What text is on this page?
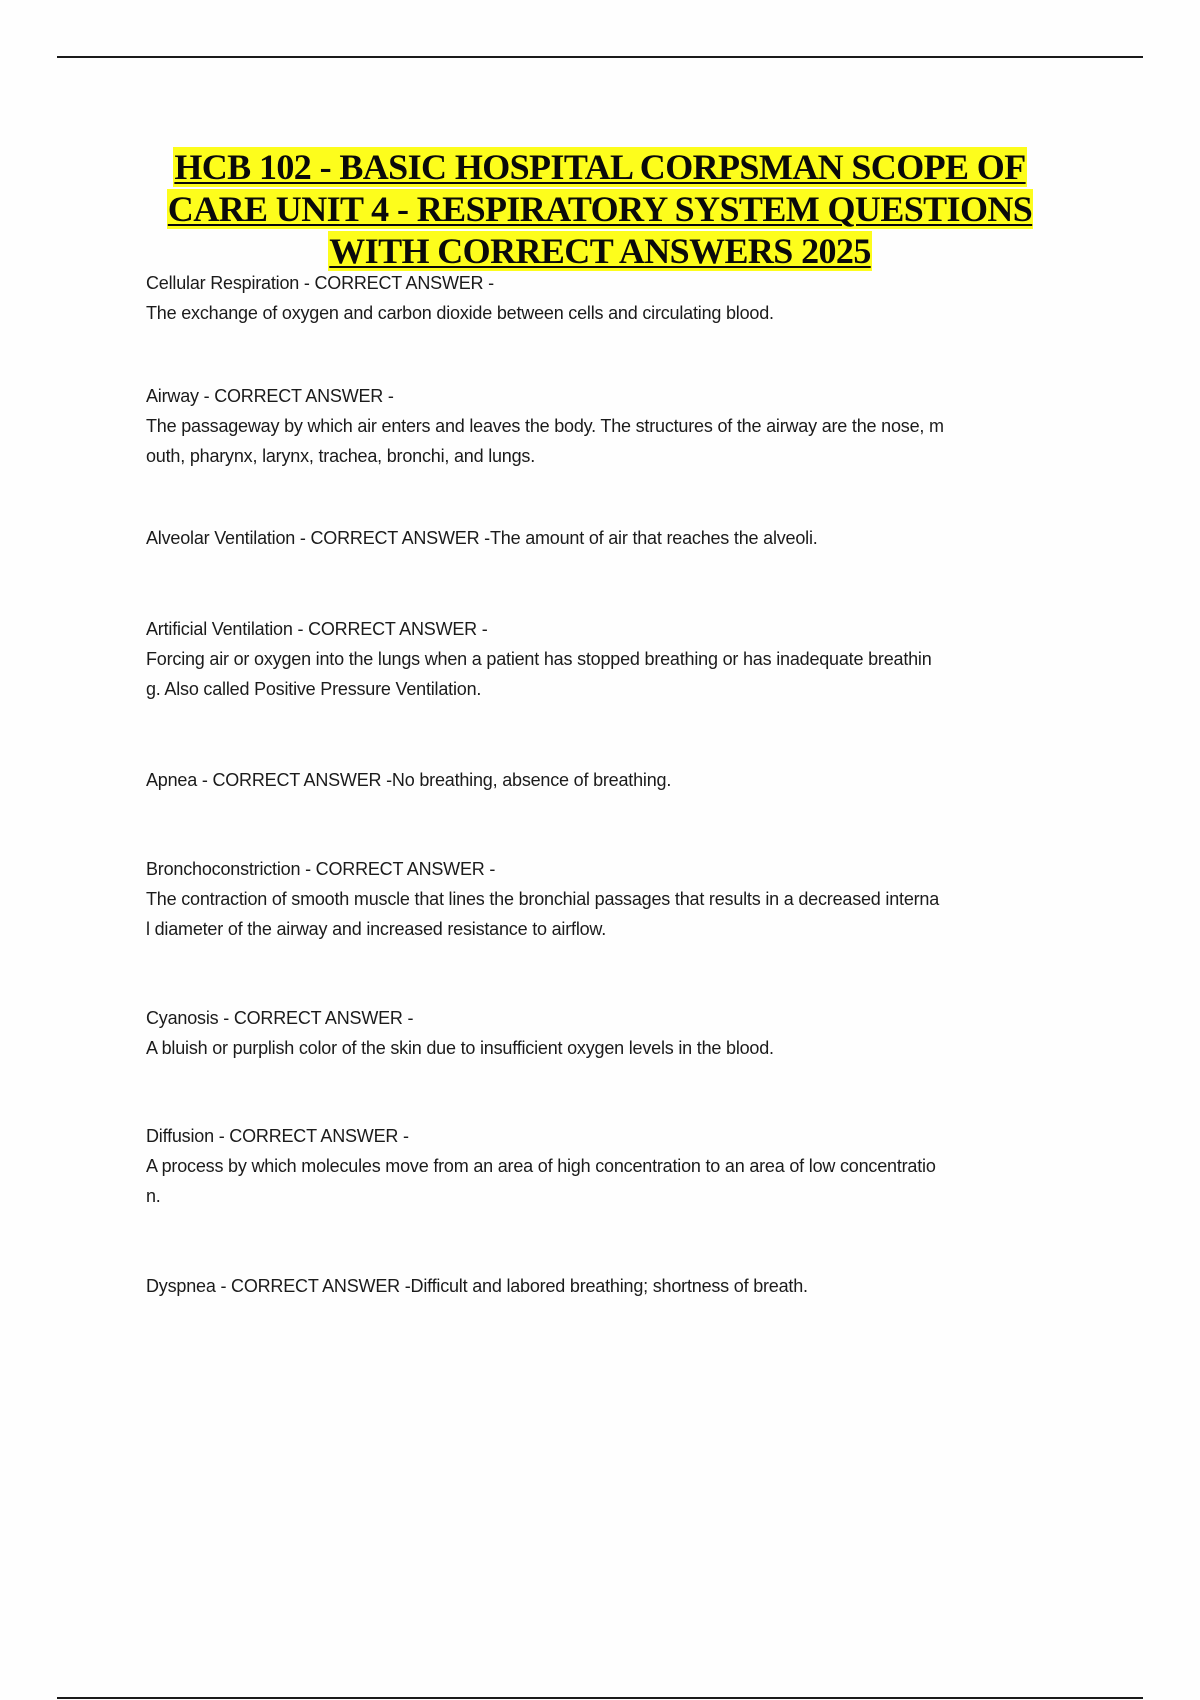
HCB 102 - BASIC HOSPITAL CORPSMAN SCOPE OF
CARE UNIT 4 - RESPIRATORY SYSTEM QUESTIONS
WITH CORRECT ANSWERS 2025

Cellular Respiration - CORRECT ANSWER -

The exchange of oxygen and carbon dioxide between cells and circulating blood.

Airway - CORRECT ANSWER -

The passageway by which air enters and leaves the body. The structures of the airway are the nose, m

outh, pharynx, larynx, trachea, bronchi, and lungs.

Alveolar Ventilation - CORRECT ANSWER -The amount of air that reaches the alveoli.

Artificial Ventilation - CORRECT ANSWER -

Forcing air or oxygen into the lungs when a patient has stopped breathing or has inadequate breathin

g. Also called Positive Pressure Ventilation.

Apnea - CORRECT ANSWER -No breathing, absence of breathing.

Bronchoconstriction - CORRECT ANSWER -

The contraction of smooth muscle that lines the bronchial passages that results in a decreased interna

l diameter of the airway and increased resistance to airflow.

Cyanosis - CORRECT ANSWER -

A bluish or purplish color of the skin due to insufficient oxygen levels in the blood.

Diffusion - CORRECT ANSWER -

A process by which molecules move from an area of high concentration to an area of low concentratio

n.

Dyspnea - CORRECT ANSWER -Difficult and labored breathing; shortness of breath.
